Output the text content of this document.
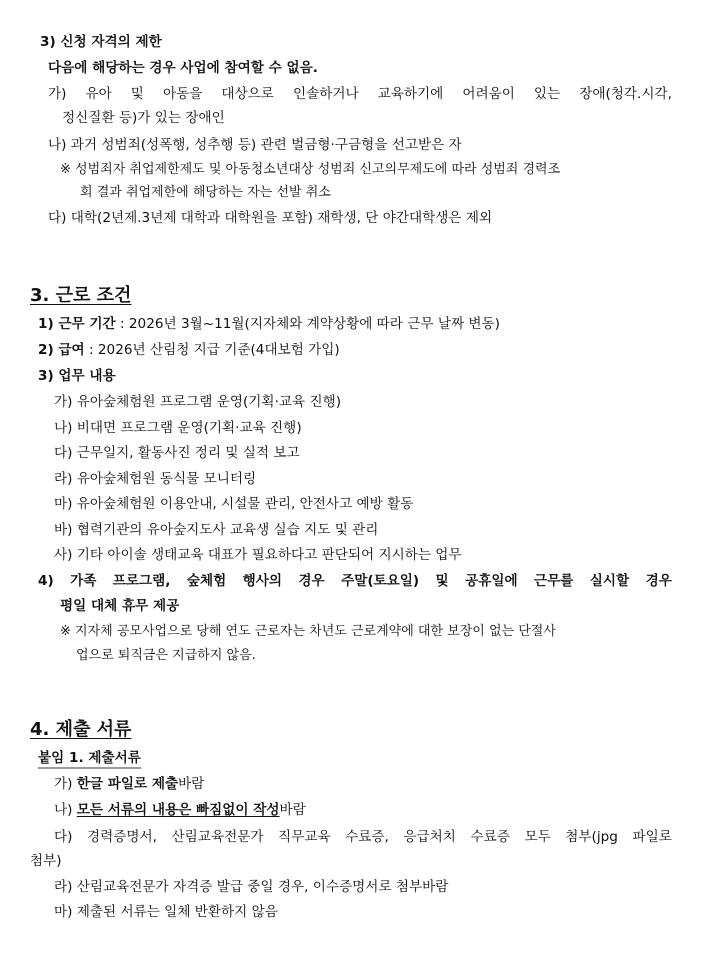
3) 신청 자격의 제한
다음에 해당하는 경우 사업에 참여할 수 없음.
가) 유아 및 아동을 대상으로 인솔하거나 교육하기에 어려움이 있는 장애(청각.시각,
정신질환 등)가 있는 장애인
나) 과거 성범죄(성폭행, 성추행 등) 관련 벌금형·구금형을 선고받은 자
※ 성범죄자 취업제한제도 및 아동청소년대상 성범죄 신고의무제도에 따라 성범죄 경력조
회 결과 취업제한에 해당하는 자는 선발 취소
다) 대학(2년제.3년제 대학과 대학원을 포함) 재학생, 단 야간대학생은 제외
3. 근로 조건
1) 근무 기간 : 2026년 3월~11월(지자체와 계약상황에 따라 근무 날짜 변동)
2) 급여 : 2026년 산림청 지급 기준(4대보험 가입)
3) 업무 내용
가) 유아숲체험원 프로그램 운영(기획·교육 진행)
나) 비대면 프로그램 운영(기획·교육 진행)
다) 근무일지, 활동사진 정리 및 실적 보고
라) 유아숲체험원 동식물 모니터링
마) 유아숲체험원 이용안내, 시설물 관리, 안전사고 예방 활동
바) 협력기관의 유아숲지도사 교육생 실습 지도 및 관리
사) 기타 아이솔 생태교육 대표가 필요하다고 판단되어 지시하는 업무
4) 가족 프로그램, 숲체험 행사의 경우 주말(토요일) 및 공휴일에 근무를 실시할 경우
평일 대체 휴무 제공
※ 지자체 공모사업으로 당해 연도 근로자는 차년도 근로계약에 대한 보장이 없는 단절사
업으로 퇴직금은 지급하지 않음.
4. 제출 서류
붙임 1. 제출서류
가) 한글 파일로 제출바람
나) 모든 서류의 내용은 빠짐없이 작성바람
다) 경력증명서, 산림교육전문가 직무교육 수료증, 응급처치 수료증 모두 첨부(jpg 파일로
첨부)
라) 산림교육전문가 자격증 발급 중일 경우, 이수증명서로 첨부바람
마) 제출된 서류는 일체 반환하지 않음
